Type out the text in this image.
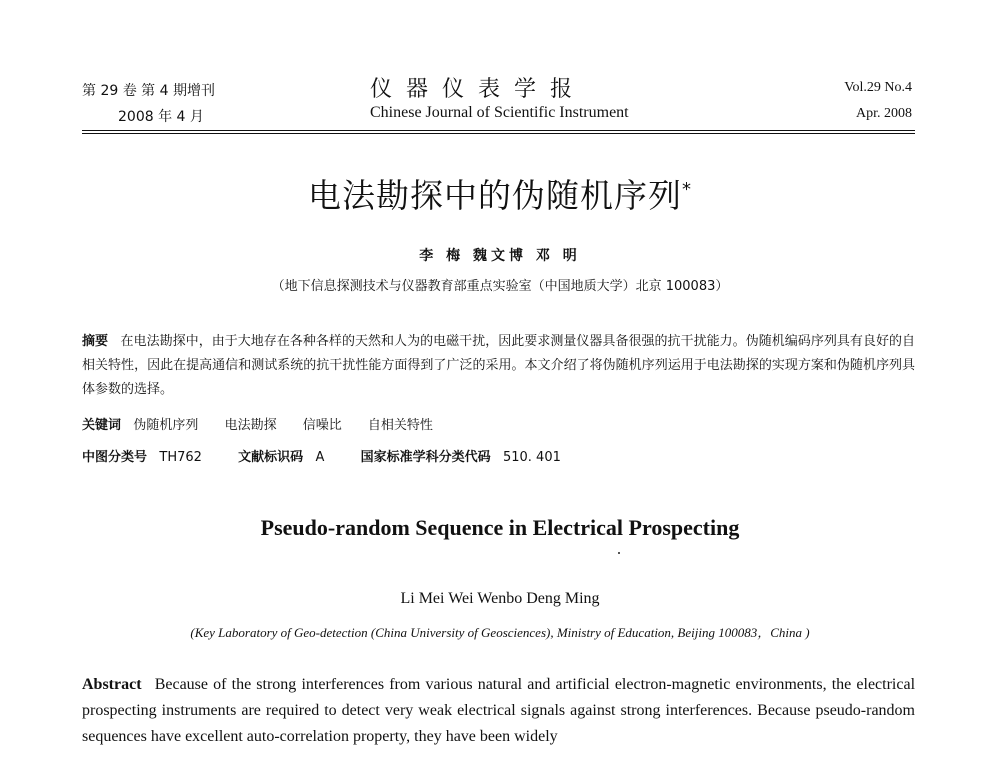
第 29 卷 第 4 期增刊
2008 年 4 月
仪器仪表学报
Chinese Journal of Scientific Instrument
Vol.29 No.4
Apr. 2008
电法勘探中的伪随机序列*
李 梅 魏文博 邓 明
（地下信息探测技术与仪器教育部重点实验室（中国地质大学）北京 100083）
摘要 在电法勘探中，由于大地存在各种各样的天然和人为的电磁干扰，因此要求测量仪器具备很强的抗干扰能力。伪随机编码序列具有良好的自相关特性，因此在提高通信和测试系统的抗干扰性能方面得到了广泛的采用。本文介绍了将伪随机序列运用于电法勘探的实现方案和伪随机序列具体参数的选择。
关键词 伪随机序列 电法勘探 信噪比 自相关特性
中图分类号 TH762	文献标识码 A	国家标准学科分类代码 510. 401
Pseudo-random Sequence in Electrical Prospecting
Li Mei Wei Wenbo Deng Ming
(Key Laboratory of Geo-detection (China University of Geosciences), Ministry of Education, Beijing 100083，China )
Abstract Because of the strong interferences from various natural and artificial electron-magnetic environments, the electrical prospecting instruments are required to detect very weak electrical signals against strong interferences. Because pseudo-random sequences have excellent auto-correlation property, they have been widely
